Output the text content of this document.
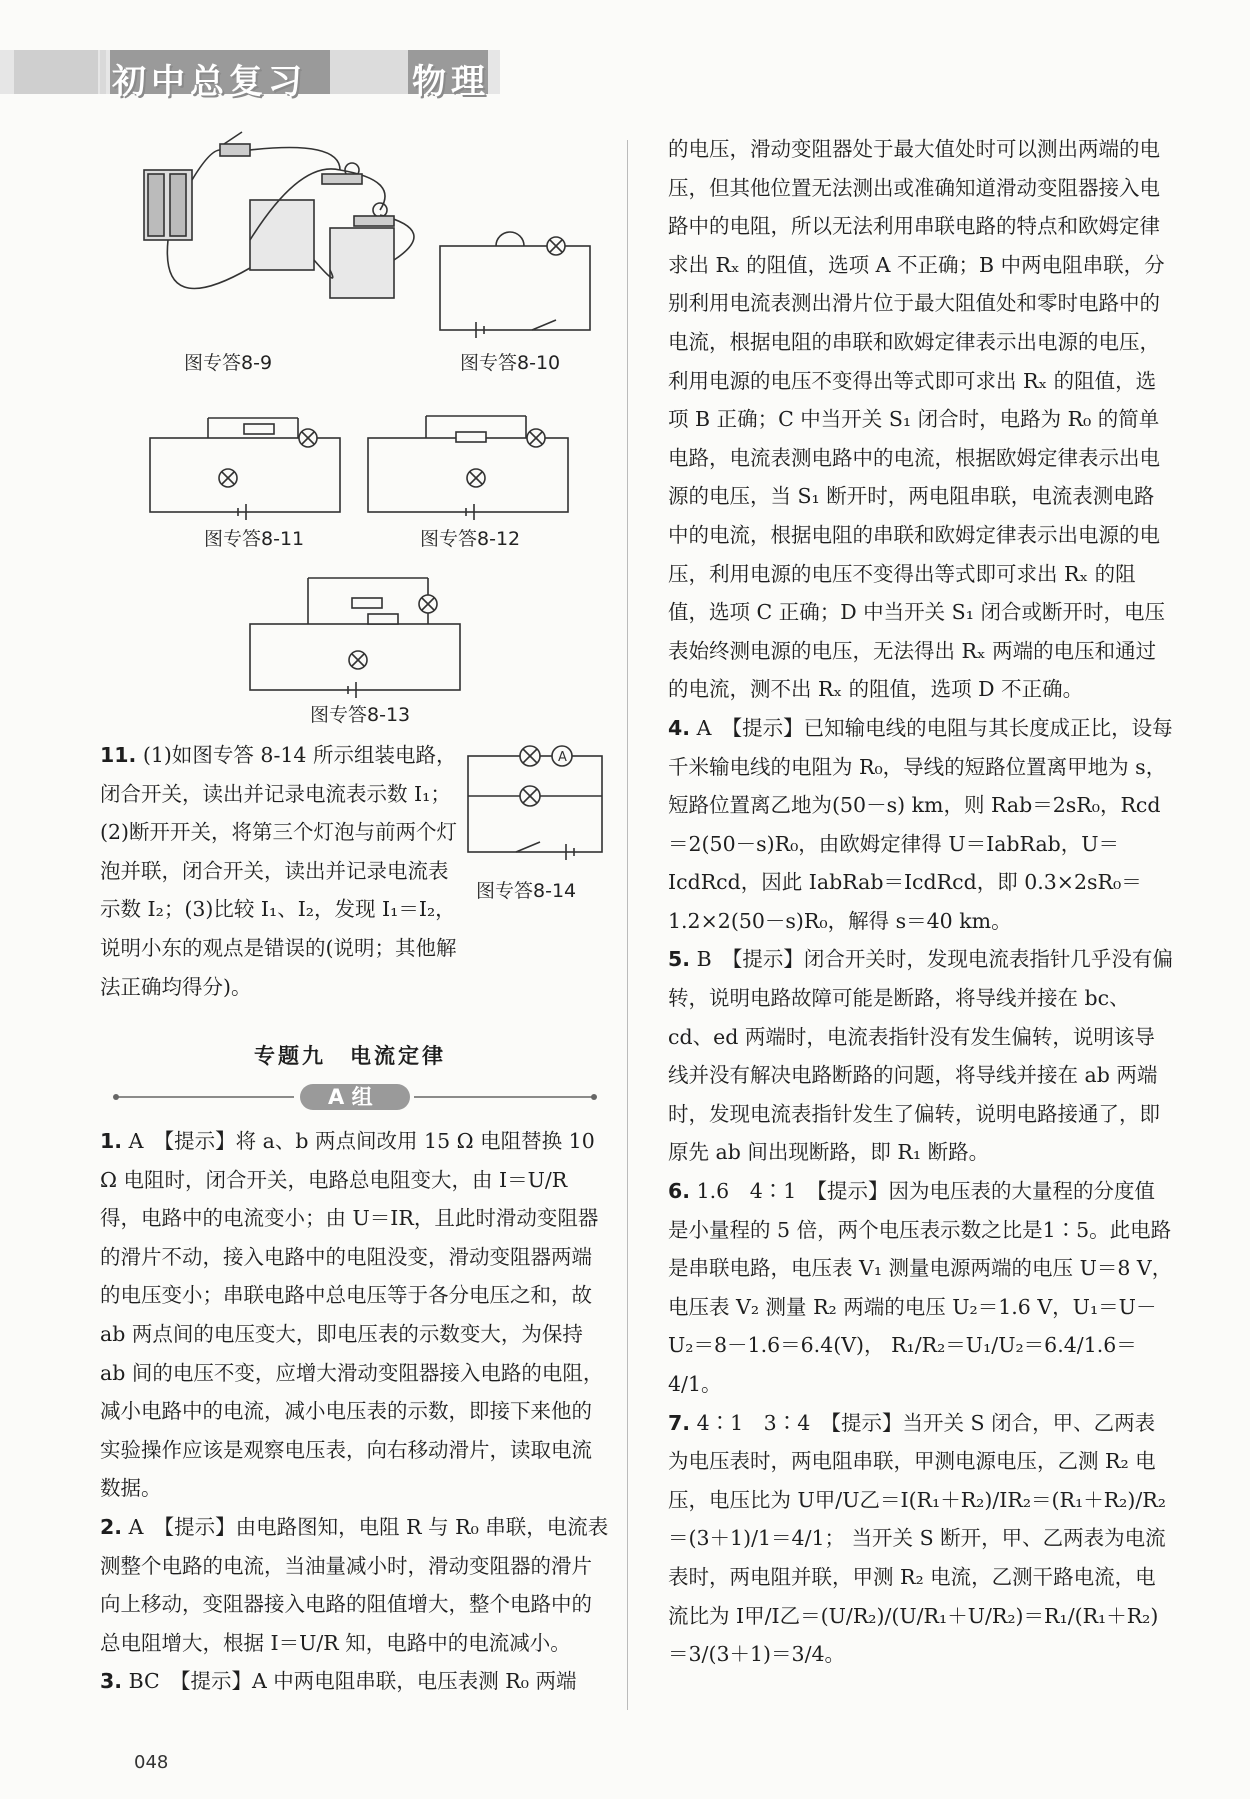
初中总复习	物理
图专答8-9	图专答8-10
图专答8-11	图专答8-12
图专答8-13
A
图专答8-14

11. (1)如图专答 8-14 所示组装电路，闭合开关，读出并记录电流表示数 I₁；(2)断开开关，将第三个灯泡与前两个灯泡并联，闭合开关，读出并记录电流表示数 I₂；(3)比较 I₁、I₂，发现 I₁＝I₂，说明小东的观点是错误的(说明；其他解法正确均得分)。

专题九　电流定律
A 组

1. A　【提示】将 a、b 两点间改用 15 Ω 电阻替换 10 Ω 电阻时，闭合开关，电路总电阻变大，由 I＝U/R 得，电路中的电流变小；由 U＝IR，且此时滑动变阻器的滑片不动，接入电路中的电阻没变，滑动变阻器两端的电压变小；串联电路中总电压等于各分电压之和，故 ab 两点间的电压变大，即电压表的示数变大，为保持 ab 间的电压不变，应增大滑动变阻器接入电路的电阻，减小电路中的电流，减小电压表的示数，即接下来他的实验操作应该是观察电压表，向右移动滑片，读取电流数据。

2. A　【提示】由电路图知，电阻 R 与 R₀ 串联，电流表测整个电路的电流，当油量减小时，滑动变阻器的滑片向上移动，变阻器接入电路的阻值增大，整个电路中的总电阻增大，根据 I＝U/R 知，电路中的电流减小。

3. BC　【提示】A 中两电阻串联，电压表测 R₀ 两端

的电压，滑动变阻器处于最大值处时可以测出两端的电压，但其他位置无法测出或准确知道滑动变阻器接入电路中的电阻，所以无法利用串联电路的特点和欧姆定律求出 Rₓ 的阻值，选项 A 不正确；B 中两电阻串联，分别利用电流表测出滑片位于最大阻值处和零时电路中的电流，根据电阻的串联和欧姆定律表示出电源的电压，利用电源的电压不变得出等式即可求出 Rₓ 的阻值，选项 B 正确；C 中当开关 S₁ 闭合时，电路为 R₀ 的简单电路，电流表测电路中的电流，根据欧姆定律表示出电源的电压，当 S₁ 断开时，两电阻串联，电流表测电路中的电流，根据电阻的串联和欧姆定律表示出电源的电压，利用电源的电压不变得出等式即可求出 Rₓ 的阻值，选项 C 正确；D 中当开关 S₁ 闭合或断开时，电压表始终测电源的电压，无法得出 Rₓ 两端的电压和通过的电流，测不出 Rₓ 的阻值，选项 D 不正确。

4. A　【提示】已知输电线的电阻与其长度成正比，设每千米输电线的电阻为 R₀，导线的短路位置离甲地为 s，短路位置离乙地为(50－s) km，则 Rab＝2sR₀，Rcd＝2(50－s)R₀，由欧姆定律得 U＝IabRab，U＝IcdRcd，因此 IabRab＝IcdRcd，即 0.3×2sR₀＝1.2×2(50－s)R₀，解得 s＝40 km。

5. B　【提示】闭合开关时，发现电流表指针几乎没有偏转，说明电路故障可能是断路，将导线并接在 bc、cd、ed 两端时，电流表指针没有发生偏转，说明该导线并没有解决电路断路的问题，将导线并接在 ab 两端时，发现电流表指针发生了偏转，说明电路接通了，即原先 ab 间出现断路，即 R₁ 断路。

6. 1.6　4∶1　【提示】因为电压表的大量程的分度值是小量程的 5 倍，两个电压表示数之比是1∶5。此电路是串联电路，电压表 V₁ 测量电源两端的电压 U＝8 V，电压表 V₂ 测量 R₂ 两端的电压 U₂＝1.6 V，U₁＝U－U₂＝8－1.6＝6.4(V)， R₁/R₂＝U₁/U₂＝6.4/1.6＝4/1。

7. 4∶1　3∶4　【提示】当开关 S 闭合，甲、乙两表为电压表时，两电阻串联，甲测电源电压，乙测 R₂ 电压，电压比为 U甲/U乙＝I(R₁＋R₂)/IR₂＝(R₁＋R₂)/R₂＝(3＋1)/1＝4/1； 当开关 S 断开，甲、乙两表为电流表时，两电阻并联，甲测 R₂ 电流，乙测干路电流，电流比为 I甲/I乙＝(U/R₂)/(U/R₁＋U/R₂)＝R₁/(R₁＋R₂)＝3/(3＋1)＝3/4。

048
